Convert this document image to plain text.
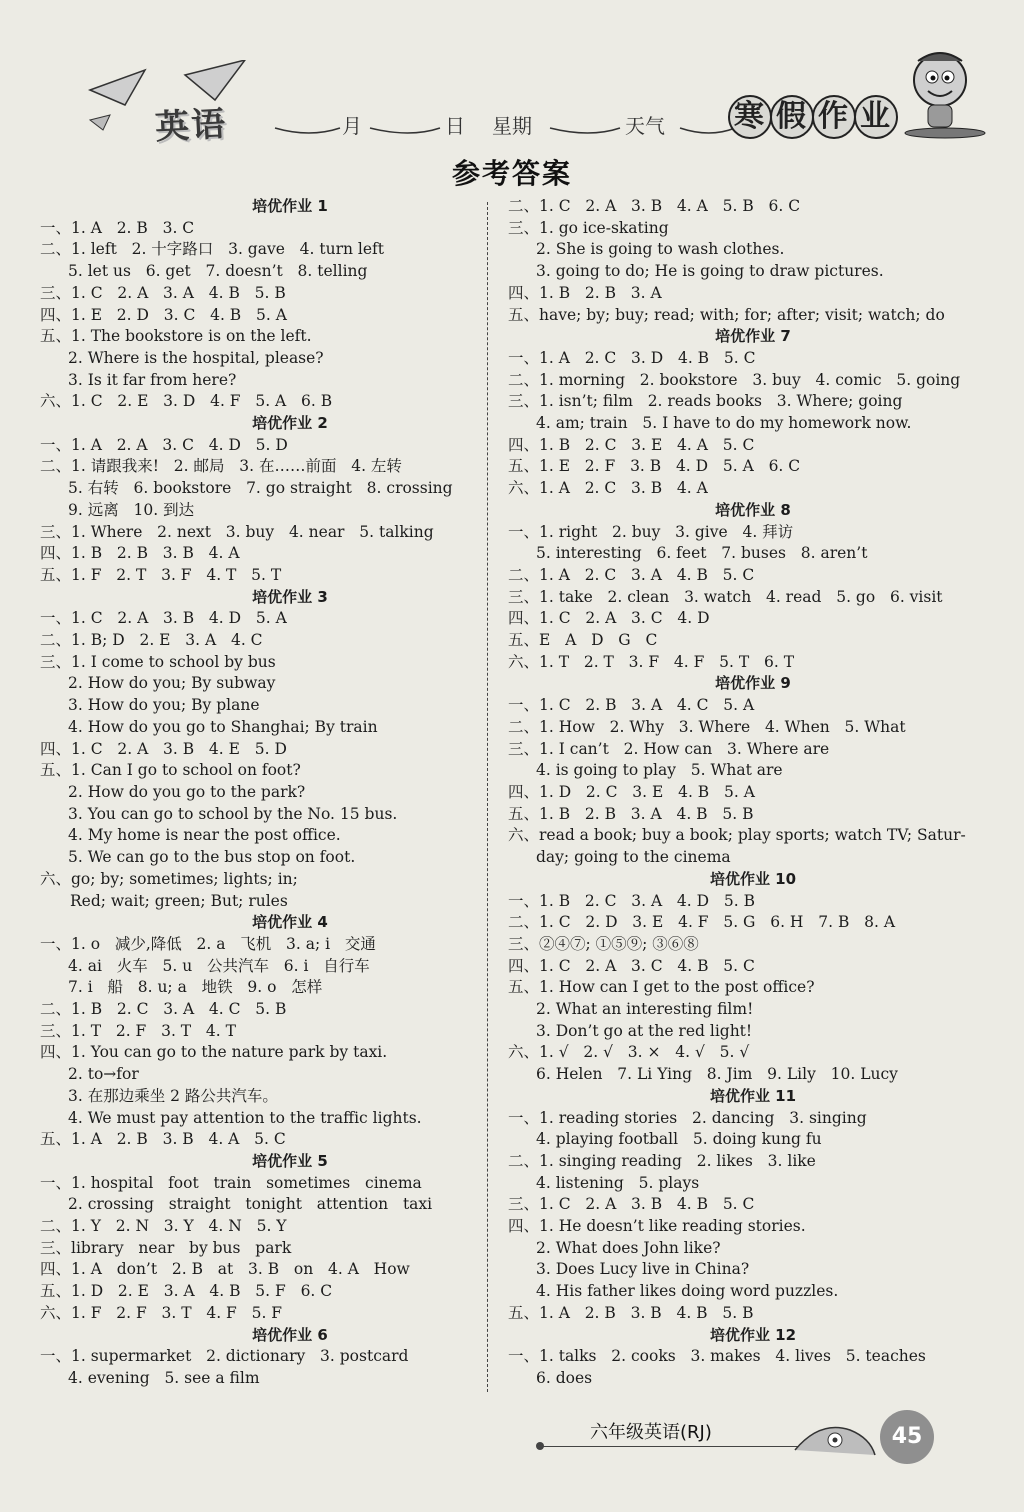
英语	月	日 星期	天气 寒 假 作 业
参考答案
培优作业 1
一、1. A   2. B   3. C
二、1. left   2. 十字路口   3. gave   4. turn left
5. let us   6. get   7. doesn’t   8. telling
三、1. C   2. A   3. A   4. B   5. B
四、1. E   2. D   3. C   4. B   5. A
五、1. The bookstore is on the left.
2. Where is the hospital, please?
3. Is it far from here?
六、1. C   2. E   3. D   4. F   5. A   6. B
培优作业 2
一、1. A   2. A   3. C   4. D   5. D
二、1. 请跟我来!   2. 邮局   3. 在……前面   4. 左转
5. 右转   6. bookstore   7. go straight   8. crossing
9. 远离   10. 到达
三、1. Where   2. next   3. buy   4. near   5. talking
四、1. B   2. B   3. B   4. A
五、1. F   2. T   3. F   4. T   5. T
培优作业 3
一、1. C   2. A   3. B   4. D   5. A
二、1. B; D   2. E   3. A   4. C
三、1. I come to school by bus
2. How do you; By subway
3. How do you; By plane
4. How do you go to Shanghai; By train
四、1. C   2. A   3. B   4. E   5. D
五、1. Can I go to school on foot?
2. How do you go to the park?
3. You can go to school by the No. 15 bus.
4. My home is near the post office.
5. We can go to the bus stop on foot.
六、go; by; sometimes; lights; in;
Red; wait; green; But; rules
培优作业 4
一、1. o   减少,降低   2. a   飞机   3. a; i   交通
4. ai   火车   5. u   公共汽车   6. i   自行车
7. i   船   8. u; a   地铁   9. o   怎样
二、1. B   2. C   3. A   4. C   5. B
三、1. T   2. F   3. T   4. T
四、1. You can go to the nature park by taxi.
2. to→for
3. 在那边乘坐 2 路公共汽车。
4. We must pay attention to the traffic lights.
五、1. A   2. B   3. B   4. A   5. C
培优作业 5
一、1. hospital   foot   train   sometimes   cinema
2. crossing   straight   tonight   attention   taxi
二、1. Y   2. N   3. Y   4. N   5. Y
三、library   near   by bus   park
四、1. A   don’t   2. B   at   3. B   on   4. A   How
五、1. D   2. E   3. A   4. B   5. F   6. C
六、1. F   2. F   3. T   4. F   5. F
培优作业 6
一、1. supermarket   2. dictionary   3. postcard
4. evening   5. see a film
二、1. C   2. A   3. B   4. A   5. B   6. C
三、1. go ice-skating
2. She is going to wash clothes.
3. going to do; He is going to draw pictures.
四、1. B   2. B   3. A
五、have; by; buy; read; with; for; after; visit; watch; do
培优作业 7
一、1. A   2. C   3. D   4. B   5. C
二、1. morning   2. bookstore   3. buy   4. comic   5. going
三、1. isn’t; film   2. reads books   3. Where; going
4. am; train   5. I have to do my homework now.
四、1. B   2. C   3. E   4. A   5. C
五、1. E   2. F   3. B   4. D   5. A   6. C
六、1. A   2. C   3. B   4. A
培优作业 8
一、1. right   2. buy   3. give   4. 拜访
5. interesting   6. feet   7. buses   8. aren’t
二、1. A   2. C   3. A   4. B   5. C
三、1. take   2. clean   3. watch   4. read   5. go   6. visit
四、1. C   2. A   3. C   4. D
五、E   A   D   G   C
六、1. T   2. T   3. F   4. F   5. T   6. T
培优作业 9
一、1. C   2. B   3. A   4. C   5. A
二、1. How   2. Why   3. Where   4. When   5. What
三、1. I can’t   2. How can   3. Where are
4. is going to play   5. What are
四、1. D   2. C   3. E   4. B   5. A
五、1. B   2. B   3. A   4. B   5. B
六、read a book; buy a book; play sports; watch TV; Satur-
day; going to the cinema
培优作业 10
一、1. B   2. C   3. A   4. D   5. B
二、1. C   2. D   3. E   4. F   5. G   6. H   7. B   8. A
三、②④⑦; ①⑤⑨; ③⑥⑧
四、1. C   2. A   3. C   4. B   5. C
五、1. How can I get to the post office?
2. What an interesting film!
3. Don’t go at the red light!
六、1. √   2. √   3. ×   4. √   5. √
6. Helen   7. Li Ying   8. Jim   9. Lily   10. Lucy
培优作业 11
一、1. reading stories   2. dancing   3. singing
4. playing football   5. doing kung fu
二、1. singing reading   2. likes   3. like
4. listening   5. plays
三、1. C   2. A   3. B   4. B   5. C
四、1. He doesn’t like reading stories.
2. What does John like?
3. Does Lucy live in China?
4. His father likes doing word puzzles.
五、1. A   2. B   3. B   4. B   5. B
培优作业 12
一、1. talks   2. cooks   3. makes   4. lives   5. teaches
6. does
六年级英语(RJ)	45
